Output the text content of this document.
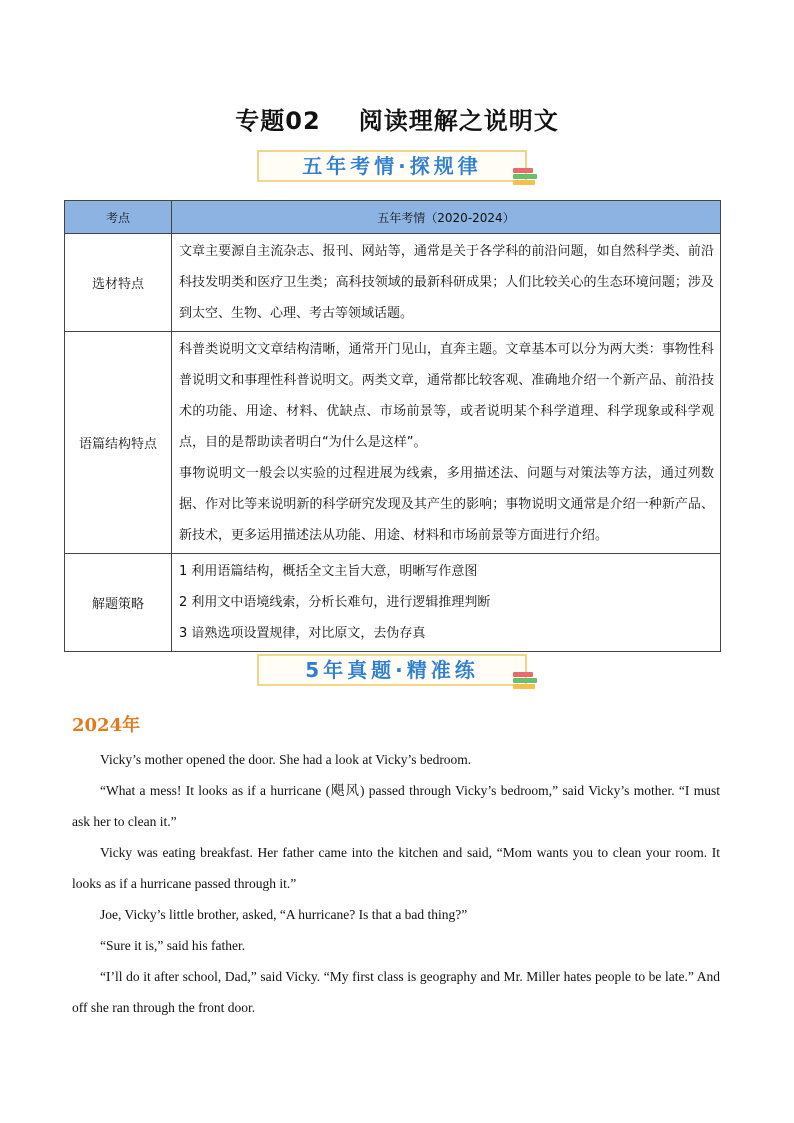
专题02 阅读理解之说明文
五年考情·探规律
考点	五年考情（2020-2024）
选材特点	文章主要源自主流杂志、报刊、网站等，通常是关于各学科的前沿问题，如自然科学类、前沿科技发明类和医疗卫生类；高科技领域的最新科研成果；人们比较关心的生态环境问题；涉及到太空、生物、心理、考古等领域话题。

语篇结构特点	科普类说明文文章结构清晰，通常开门见山，直奔主题。文章基本可以分为两大类：事物性科普说明文和事理性科普说明文。两类文章，通常都比较客观、准确地介绍一个新产品、前沿技术的功能、用途、材料、优缺点、市场前景等，或者说明某个科学道理、科学现象或科学观点，目的是帮助读者明白“为什么是这样”。

事物说明文一般会以实验的过程进展为线索，多用描述法、问题与对策法等方法，通过列数据、作对比等来说明新的科学研究发现及其产生的影响；事物说明文通常是介绍一种新产品、新技术，更多运用描述法从功能、用途、材料和市场前景等方面进行介绍。

解题策略	1 利用语篇结构，概括全文主旨大意，明晰写作意图

2 利用文中语境线索，分析长难句，进行逻辑推理判断

3 谙熟选项设置规律，对比原文，去伪存真

5年真题·精准练
2024年

Vicky’s mother opened the door. She had a look at Vicky’s bedroom.

“What a mess! It looks as if a hurricane (飓风) passed through Vicky’s bedroom,” said Vicky’s mother. “I must ask her to clean it.”

Vicky was eating breakfast. Her father came into the kitchen and said, “Mom wants you to clean your room. It looks as if a hurricane passed through it.”

Joe, Vicky’s little brother, asked, “A hurricane? Is that a bad thing?”

“Sure it is,” said his father.

“I’ll do it after school, Dad,” said Vicky. “My first class is geography and Mr. Miller hates people to be late.” And off she ran through the front door.
